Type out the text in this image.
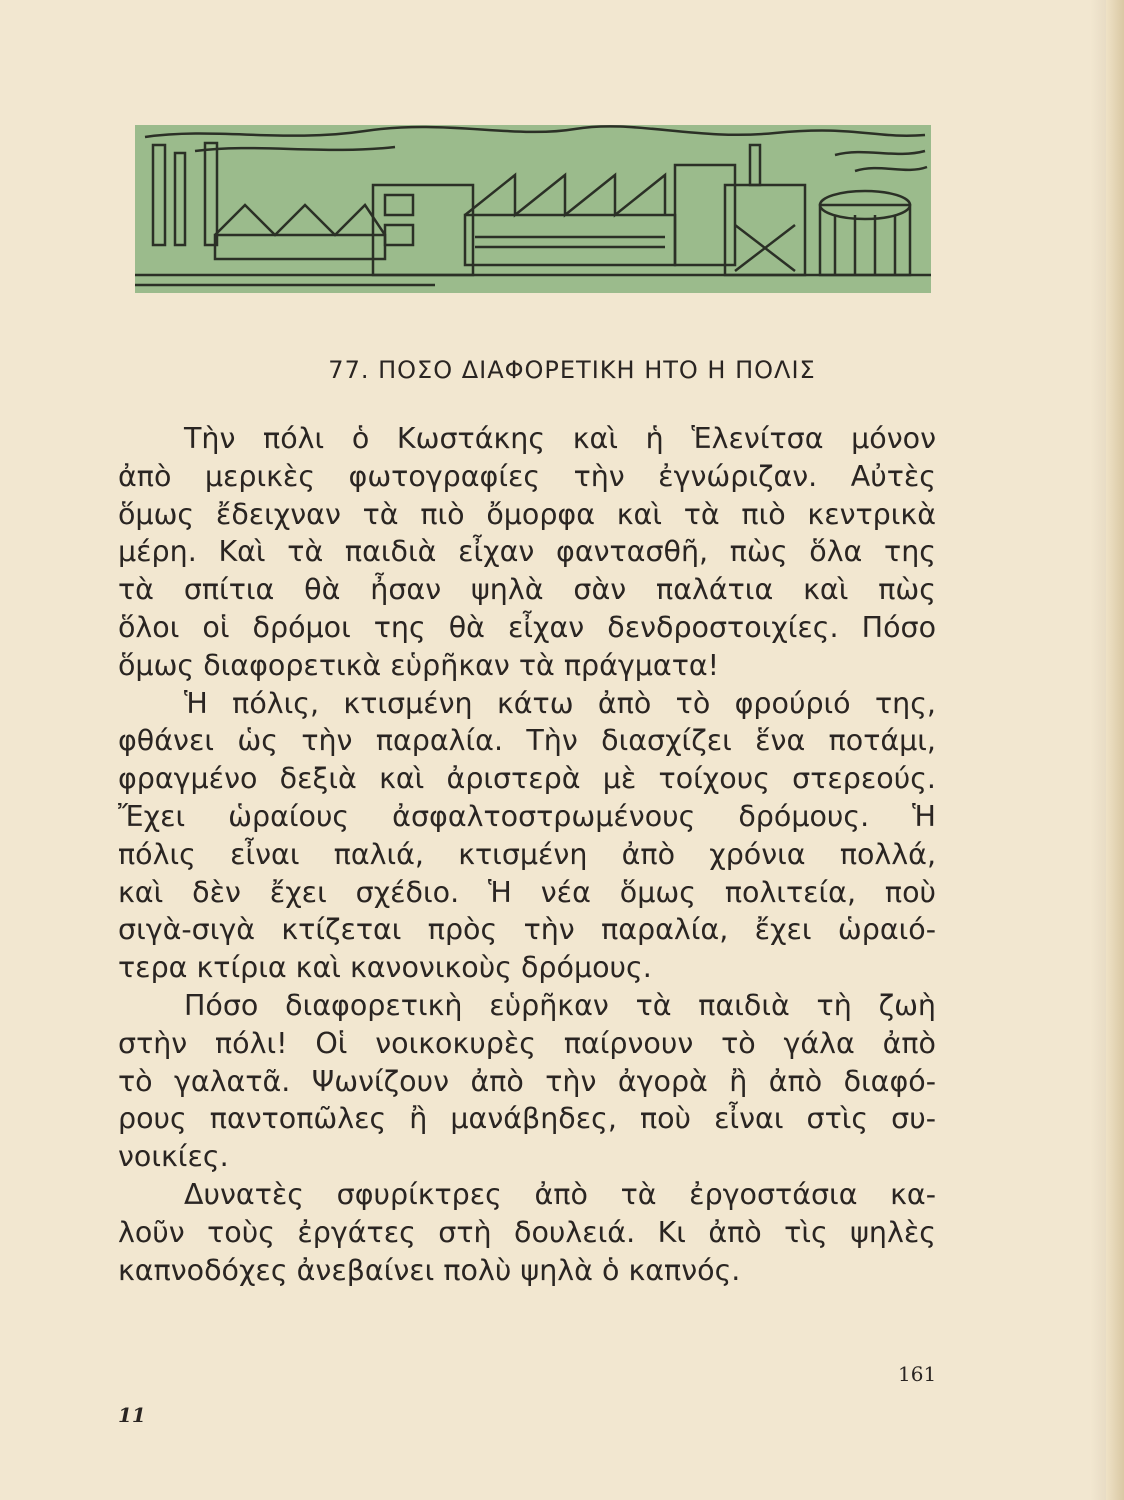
77. ΠΟΣΟ ΔΙΑΦΟΡΕΤΙΚΗ ΗΤΟ Η ΠΟΛΙΣ

Τὴν πόλι ὁ Κωστάκης καὶ ἡ Ἑλενίτσα μόνον
ἀπὸ μερικὲς φωτογραφίες τὴν ἐγνώριζαν. Αὐτὲς
ὅμως ἔδειχναν τὰ πιὸ ὄμορφα καὶ τὰ πιὸ κεντρικὰ
μέρη. Καὶ τὰ παιδιὰ εἶχαν φαντασθῆ, πὼς ὅλα της
τὰ σπίτια θὰ ἦσαν ψηλὰ σὰν παλάτια καὶ πὼς
ὅλοι οἱ δρόμοι της θὰ εἶχαν δενδροστοιχίες. Πόσο
ὅμως διαφορετικὰ εὑρῆκαν τὰ πράγματα!

Ἡ πόλις, κτισμένη κάτω ἀπὸ τὸ φρούριό της,
φθάνει ὡς τὴν παραλία. Τὴν διασχίζει ἕνα ποτάμι,
φραγμένο δεξιὰ καὶ ἀριστερὰ μὲ τοίχους στερεούς.
Ἔχει ὡραίους ἀσφαλτοστρωμένους δρόμους. Ἡ
πόλις εἶναι παλιά, κτισμένη ἀπὸ χρόνια πολλά,
καὶ δὲν ἔχει σχέδιο. Ἡ νέα ὅμως πολιτεία, ποὺ
σιγὰ-σιγὰ κτίζεται πρὸς τὴν παραλία, ἔχει ὡραιό-
τερα κτίρια καὶ κανονικοὺς δρόμους.

Πόσο διαφορετικὴ εὑρῆκαν τὰ παιδιὰ τὴ ζωὴ
στὴν πόλι! Οἱ νοικοκυρὲς παίρνουν τὸ γάλα ἀπὸ
τὸ γαλατᾶ. Ψωνίζουν ἀπὸ τὴν ἀγορὰ ἢ ἀπὸ διαφό-
ρους παντοπῶλες ἢ μανάβηδες, ποὺ εἶναι στὶς συ-
νοικίες.

Δυνατὲς σφυρίκτρες ἀπὸ τὰ ἐργοστάσια κα-
λοῦν τοὺς ἐργάτες στὴ δουλειά. Κι ἀπὸ τὶς ψηλὲς
καπνοδόχες ἀνεβαίνει πολὺ ψηλὰ ὁ καπνός.

161
11
